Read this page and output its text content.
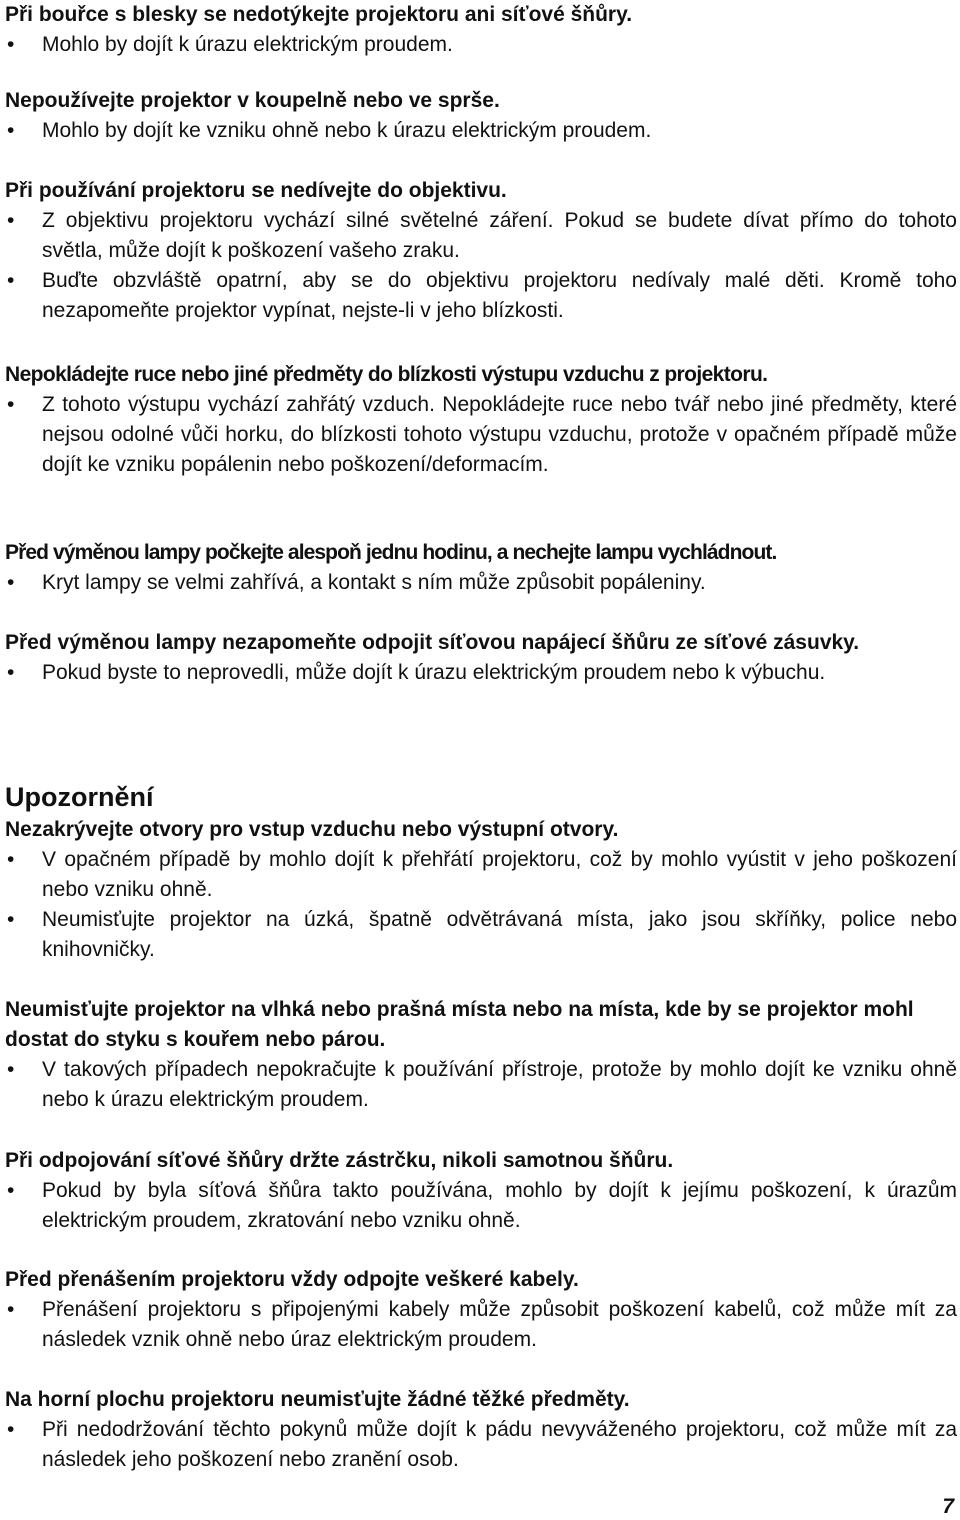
Při bouřce s blesky se nedotýkejte projektoru ani síťové šňůry.

• Mohlo by dojít k úrazu elektrickým proudem.

Nepoužívejte projektor v koupelně nebo ve sprše.

• Mohlo by dojít ke vzniku ohně nebo k úrazu elektrickým proudem.

Při používání projektoru se nedívejte do objektivu.

• Z objektivu projektoru vychází silné světelné záření. Pokud se budete dívat přímo do tohoto světla, může dojít k poškození vašeho zraku.
• Buďte obzvláště opatrní, aby se do objektivu projektoru nedívaly malé děti. Kromě toho nezapomeňte projektor vypínat, nejste-li v jeho blízkosti.

Nepokládejte ruce nebo jiné předměty do blízkosti výstupu vzduchu z projektoru.

• Z tohoto výstupu vychází zahřátý vzduch. Nepokládejte ruce nebo tvář nebo jiné předměty, které nejsou odolné vůči horku, do blízkosti tohoto výstupu vzduchu, protože v opačném případě může dojít ke vzniku popálenin nebo poškození/deformacím.

Před výměnou lampy počkejte alespoň jednu hodinu, a nechejte lampu vychládnout.

• Kryt lampy se velmi zahřívá, a kontakt s ním může způsobit popáleniny.

Před výměnou lampy nezapomeňte odpojit síťovou napájecí šňůru ze síťové zásuvky.

• Pokud byste to neprovedli, může dojít k úrazu elektrickým proudem nebo k výbuchu.
Upozornění

Nezakrývejte otvory pro vstup vzduchu nebo výstupní otvory.

• V opačném případě by mohlo dojít k přehřátí projektoru, což by mohlo vyústit v jeho poškození nebo vzniku ohně.
• Neumisťujte projektor na úzká, špatně odvětrávaná místa, jako jsou skříňky, police nebo knihovničky.

Neumisťujte projektor na vlhká nebo prašná místa nebo na místa, kde by se projektor mohl dostat do styku s kouřem nebo párou.

• V takových případech nepokračujte k používání přístroje, protože by mohlo dojít ke vzniku ohně nebo k úrazu elektrickým proudem.

Při odpojování síťové šňůry držte zástrčku, nikoli samotnou šňůru.

• Pokud by byla síťová šňůra takto používána, mohlo by dojít k jejímu poškození, k úrazům elektrickým proudem, zkratování nebo vzniku ohně.

Před přenášením projektoru vždy odpojte veškeré kabely.

• Přenášení projektoru s připojenými kabely může způsobit poškození kabelů, což může mít za následek vznik ohně nebo úraz elektrickým proudem.

Na horní plochu projektoru neumisťujte žádné těžké předměty.

• Při nedodržování těchto pokynů může dojít k pádu nevyváženého projektoru, což může mít za následek jeho poškození nebo zranění osob.
7
